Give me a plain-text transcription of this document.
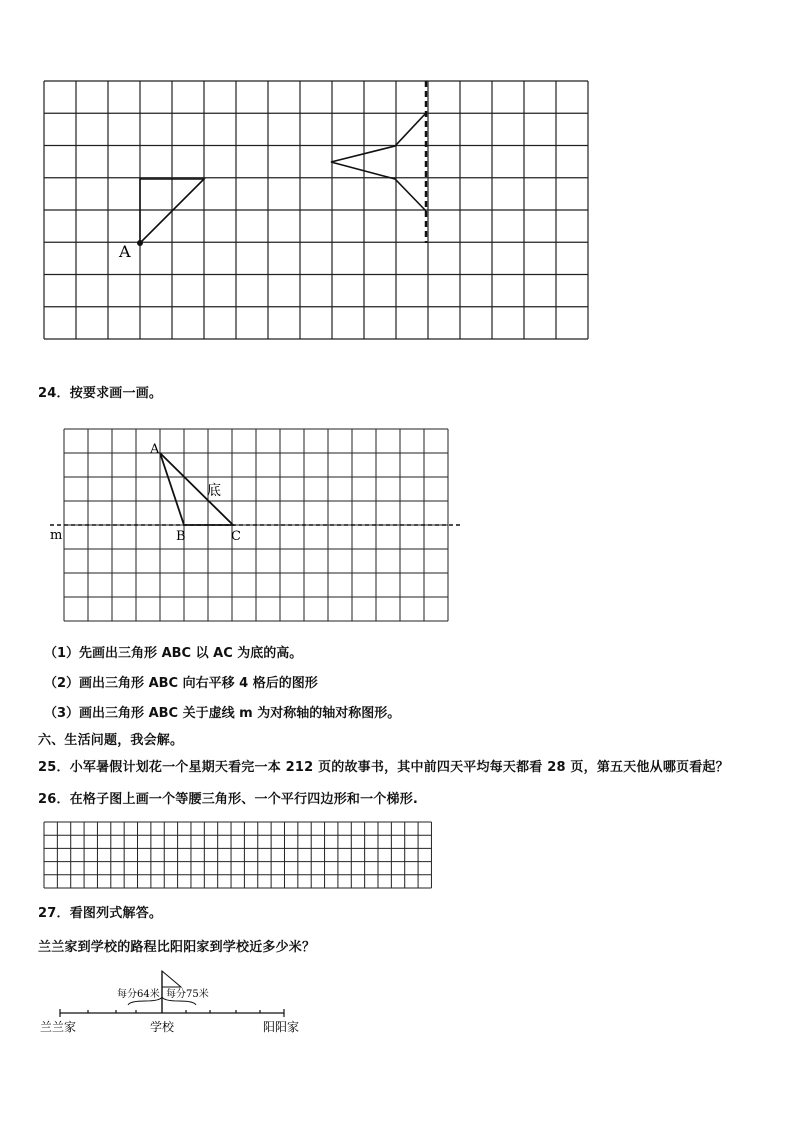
A
24．按要求画一画。
A
B	C
底
m
（1）先画出三角形 ABC 以 AC 为底的高。
（2）画出三角形 ABC 向右平移 4 格后的图形
（3）画出三角形 ABC 关于虚线 m 为对称轴的轴对称图形。
六、生活问题，我会解。
25．小军暑假计划花一个星期天看完一本 212 页的故事书，其中前四天平均每天都看 28 页，第五天他从哪页看起？
26．在格子图上画一个等腰三角形、一个平行四边形和一个梯形.
27．看图列式解答。
兰兰家到学校的路程比阳阳家到学校近多少米？
每分64米 每分75米
兰兰家	学校	阳阳家
